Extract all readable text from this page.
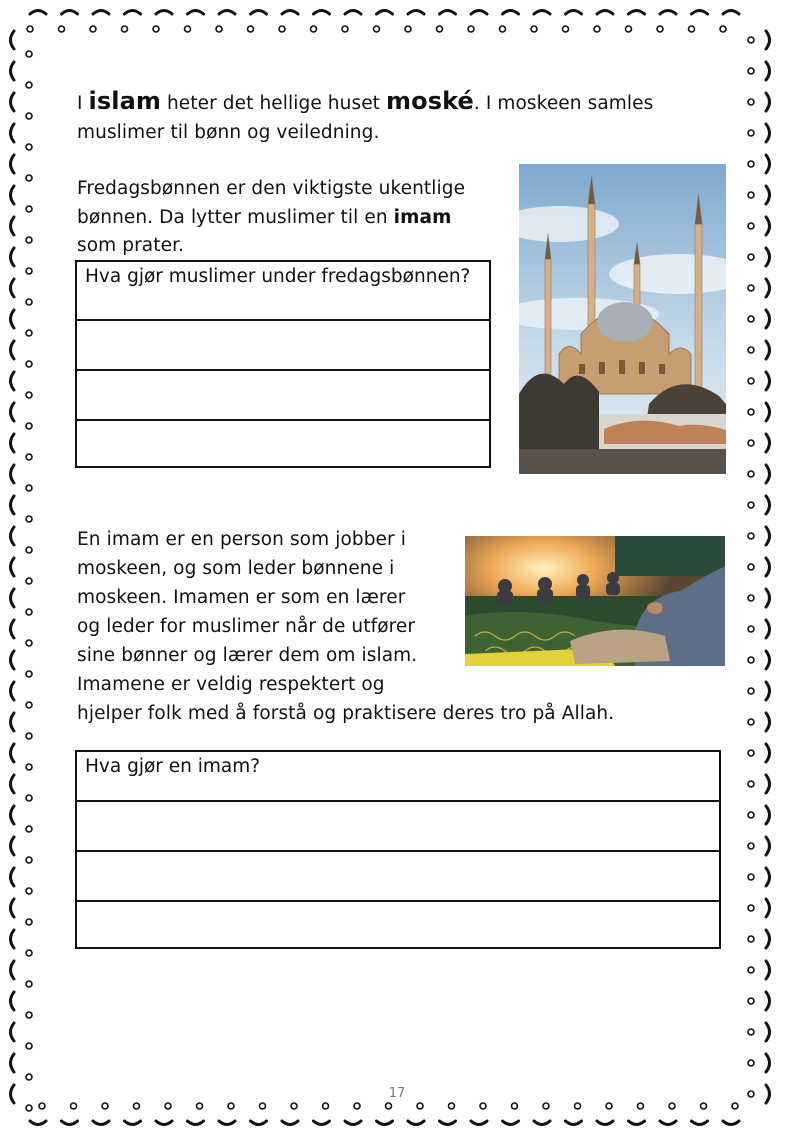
I islam heter det hellige huset moské. I moskeen samles
muslimer til bønn og veiledning.
Fredagsbønnen er den viktigste ukentlige
bønnen. Da lytter muslimer til en imam
som prater.
Hva gjør muslimer under fredagsbønnen?
En imam er en person som jobber i
moskeen, og som leder bønnene i
moskeen. Imamen er som en lærer
og leder for muslimer når de utfører
sine bønner og lærer dem om islam.
Imamene er veldig respektert og
hjelper folk med å forstå og praktisere deres tro på Allah.
Hva gjør en imam?
17
